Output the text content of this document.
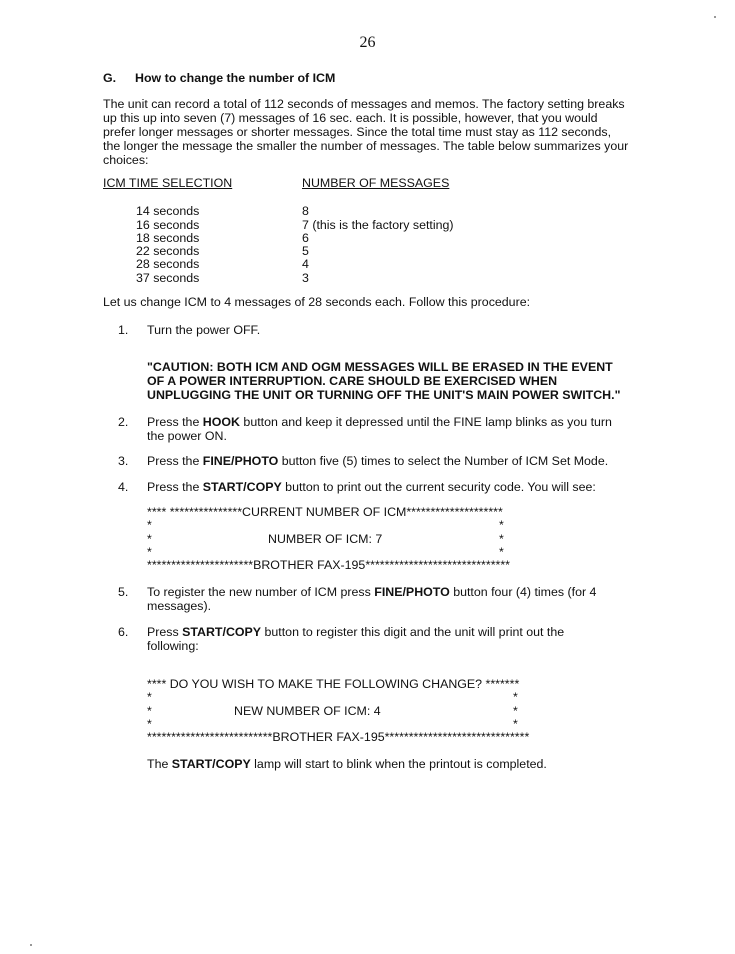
26
G. How to change the number of ICM
The unit can record a total of 112 seconds of messages and memos. The factory setting breaks
up this up into seven (7) messages of 16 sec. each. It is possible, however, that you would
prefer longer messages or shorter messages. Since the total time must stay as 112 seconds,
the longer the message the smaller the number of messages. The table below summarizes your
choices:
ICM TIME SELECTION	NUMBER OF MESSAGES
14 seconds	8
16 seconds	7 (this is the factory setting)
18 seconds	6
22 seconds	5
28 seconds	4
37 seconds	3
Let us change ICM to 4 messages of 28 seconds each. Follow this procedure:
1. Turn the power OFF.
"CAUTION: BOTH ICM AND OGM MESSAGES WILL BE ERASED IN THE EVENT
OF A POWER INTERRUPTION. CARE SHOULD BE EXERCISED WHEN
UNPLUGGING THE UNIT OR TURNING OFF THE UNIT'S MAIN POWER SWITCH."
2. Press the HOOK button and keep it depressed until the FINE lamp blinks as you turn
the power ON.
3. Press the FINE/PHOTO button five (5) times to select the Number of ICM Set Mode.
4. Press the START/COPY button to print out the current security code. You will see:
**** ***************CURRENT NUMBER OF ICM********************
*	*
*	NUMBER OF ICM: 7	*
*	*
**********************BROTHER FAX-195******************************
5. To register the new number of ICM press FINE/PHOTO button four (4) times (for 4
messages).
6. Press START/COPY button to register this digit and the unit will print out the
following:
**** DO YOU WISH TO MAKE THE FOLLOWING CHANGE? *******
*	*
*	NEW NUMBER OF ICM: 4	*
*	*
**************************BROTHER FAX-195******************************
The START/COPY lamp will start to blink when the printout is completed.
